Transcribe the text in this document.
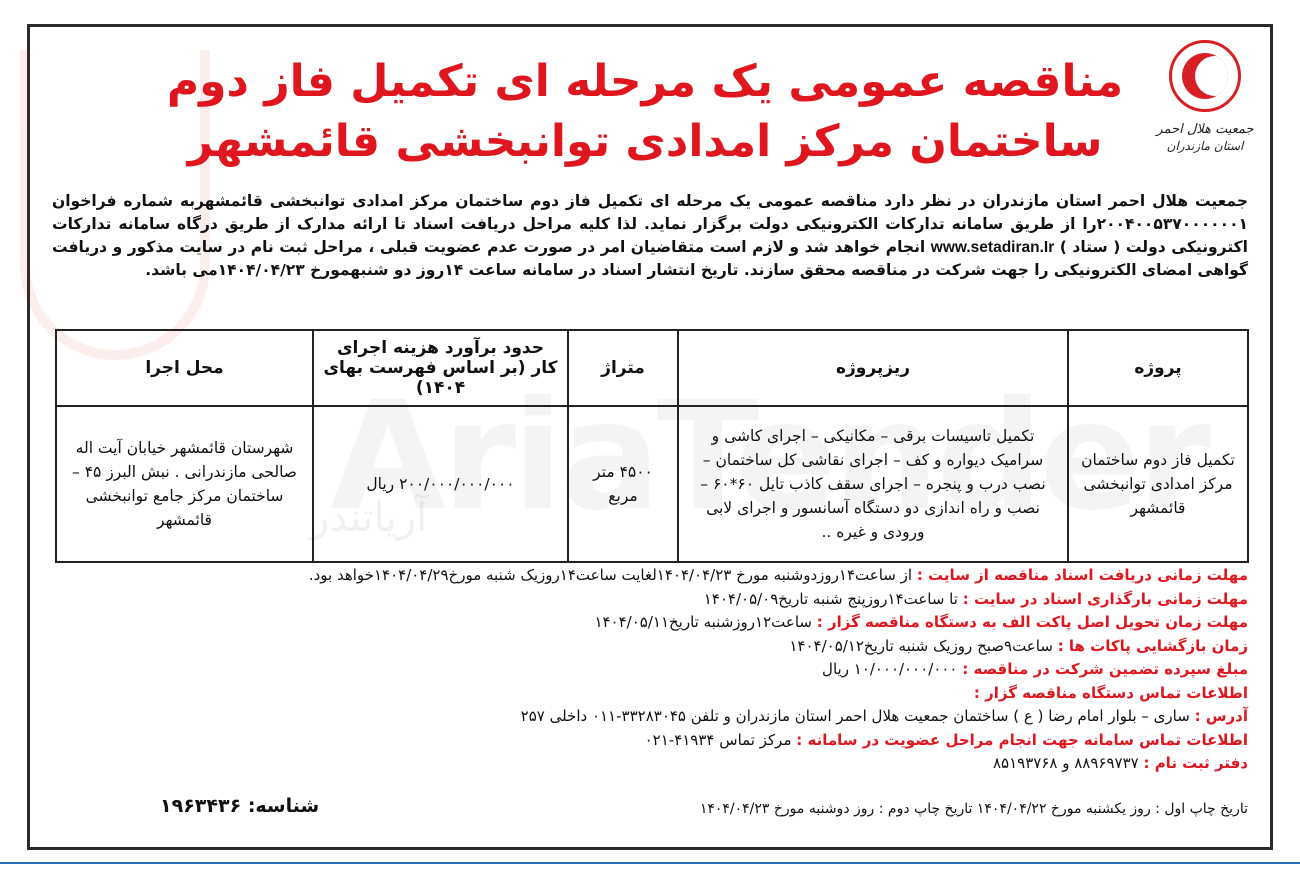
آریاتندر
جمعیت هلال احمر
استان مازندران
مناقصه عمومی یک مرحله ای تکمیل فاز دوم
ساختمان مرکز امدادی توانبخشی قائمشهر
جمعیت هلال احمر استان مازندران در نظر دارد مناقصه عمومی یک مرحله ای تکمیل فاز دوم ساختمان مرکز امدادی توانبخشی قائمشهربه شماره فراخوان ۲۰۰۴۰۰۵۳۷۰۰۰۰۰۰۱را از طریق سامانه تدارکات الکترونیکی دولت برگزار نماید. لذا کلیه مراحل دریافت اسناد تا ارائه مدارک از طریق درگاه سامانه تدارکات اکترونیکی دولت ( ستاد ) www.setadiran.Ir انجام خواهد شد و لازم است متقاضیان امر در صورت عدم عضویت قبلی ، مراحل ثبت نام در سایت مذکور و دریافت گواهی امضای الکترونیکی را جهت شرکت در مناقصه محقق سازند. تاریخ انتشار اسناد در سامانه ساعت ۱۴روز دو شنبهمورخ ۱۴۰۴/۰۴/۲۳می باشد.
پروژه	ریزپروژه	متراژ	حدود برآورد هزینه اجرای کار (بر اساس فهرست بهای ۱۴۰۴)	محل اجرا
تکمیل فاز دوم ساختمان مرکز امدادی توانبخشی قائمشهر	تکمیل تاسیسات برقی – مکانیکی – اجرای کاشی و سرامیک دیواره و کف – اجرای نقاشی کل ساختمان – نصب درب و پنجره – اجرای سقف کاذب تایل ۶۰*۶۰ – نصب و راه اندازی دو دستگاه آسانسور و اجرای لابی ورودی و غیره ..	۴۵۰۰ متر مربع	۲۰۰/۰۰۰/۰۰۰/۰۰۰ ریال	شهرستان قائمشهر خیابان آیت اله صالحی مازندرانی . نبش البرز ۴۵ – ساختمان مرکز جامع توانبخشی قائمشهر
مهلت زمانی دریافت اسناد مناقصه از سایت : از ساعت۱۴روزدوشنبه مورخ ۱۴۰۴/۰۴/۲۳لغایت ساعت۱۴روزیک شنبه مورخ۱۴۰۴/۰۴/۲۹خواهد بود.
مهلت زمانی بارگذاری اسناد در سایت : تا ساعت۱۴روزپنج شنبه تاریخ۱۴۰۴/۰۵/۰۹
مهلت زمان تحویل اصل پاکت الف به دستگاه مناقصه گزار : ساعت۱۲روزشنبه تاریخ۱۴۰۴/۰۵/۱۱
زمان بازگشایی پاکات ها : ساعت۹صبح روزیک شنبه تاریخ۱۴۰۴/۰۵/۱۲
مبلغ سپرده تضمین شرکت در مناقصه : ۱۰/۰۰۰/۰۰۰/۰۰۰ ریال
اطلاعات تماس دستگاه مناقصه گزار :
آدرس : ساری – بلوار امام رضا ( ع ) ساختمان جمعیت هلال احمر استان مازندران و تلفن ۳۳۲۸۳۰۴۵-۰۱۱ داخلی ۲۵۷
اطلاعات تماس سامانه جهت انجام مراحل عضویت در سامانه : مرکز تماس ۴۱۹۳۴-۰۲۱
دفتر ثبت نام : ۸۸۹۶۹۷۳۷ و ۸۵۱۹۳۷۶۸
تاریخ چاپ اول : روز یکشنبه مورخ ۱۴۰۴/۰۴/۲۲ تاریخ چاپ دوم : روز دوشنبه مورخ ۱۴۰۴/۰۴/۲۳
شناسه: ۱۹۶۳۴۳۶
